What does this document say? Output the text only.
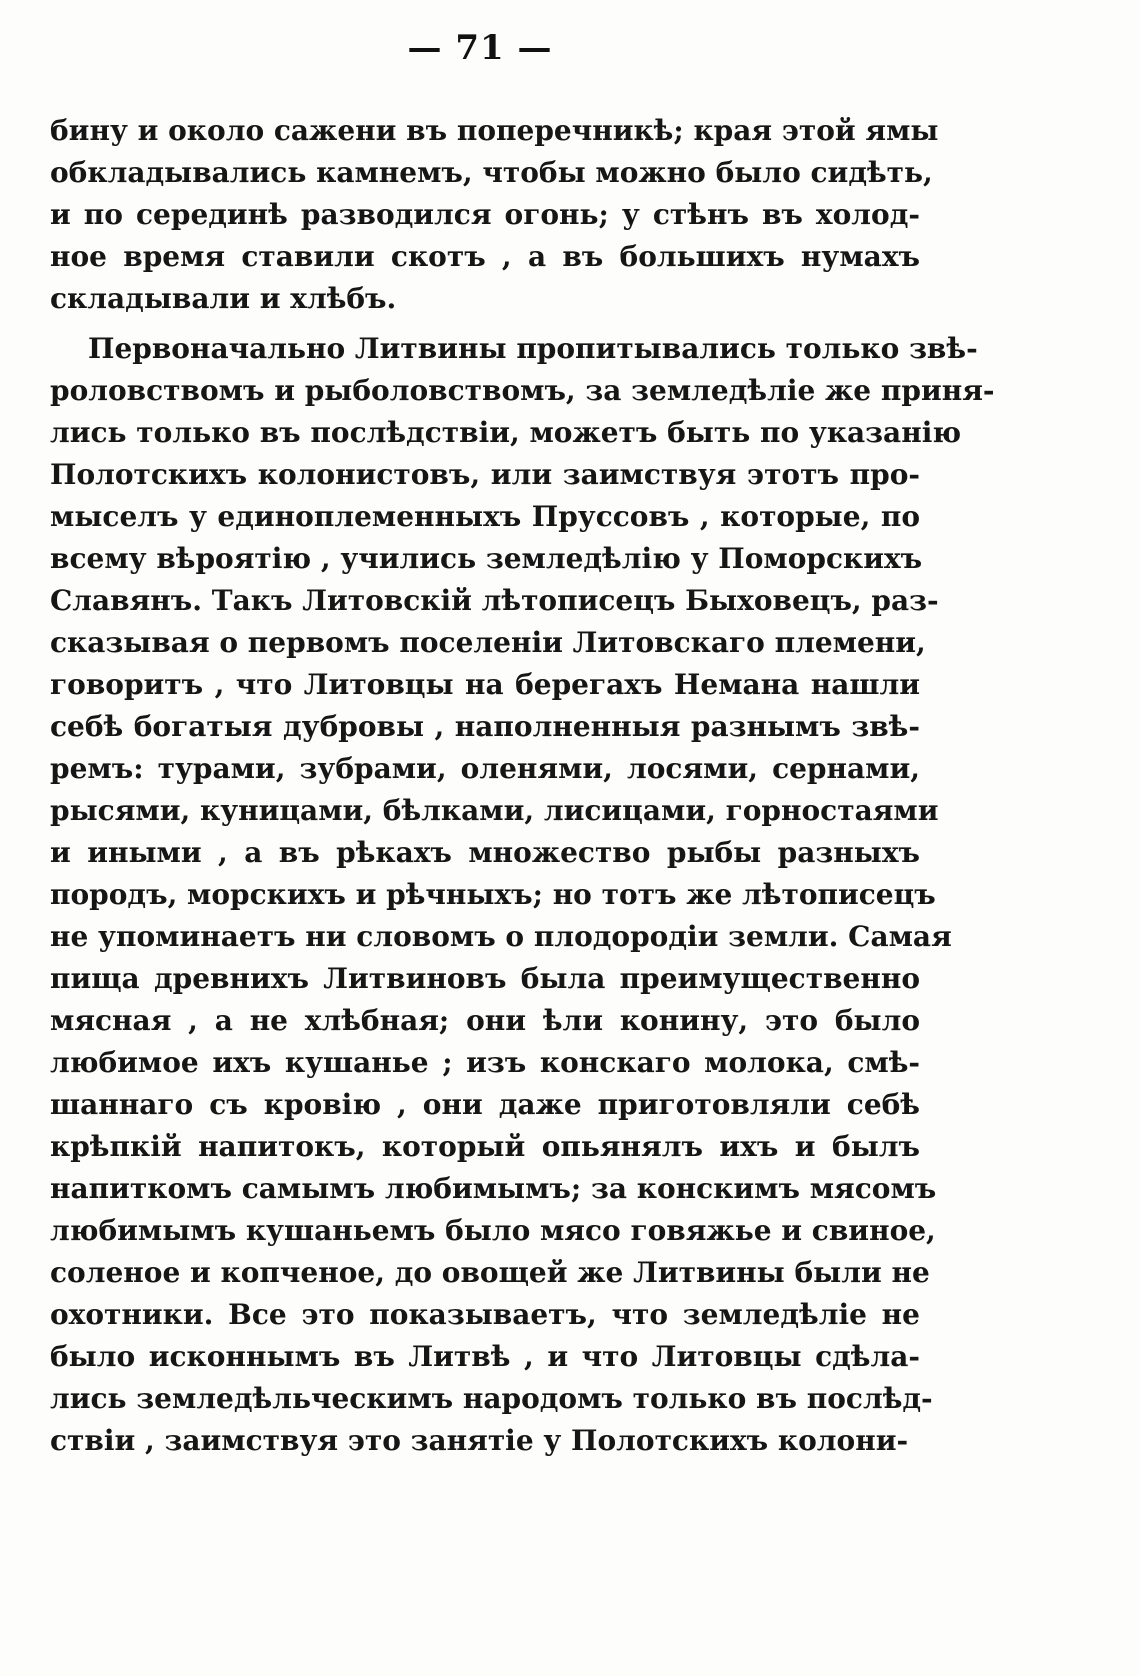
— 71 —
бину и около сажени въ поперечникѣ; края этой ямы
обкладывались камнемъ, чтобы можно было сидѣть,
и по серединѣ разводился огонь; у стѣнъ въ холод-
ное время ставили скотъ , а въ большихъ нумахъ
складывали и хлѣбъ.
Первоначально Литвины пропитывались только звѣ-
роловствомъ и рыболовствомъ, за земледѣлiе же приня-
лись только въ послѣдствiи, можетъ быть по указанiю
Полотскихъ колонистовъ, или заимствуя этотъ про-
мыселъ у единоплеменныхъ Пруссовъ , которые, по
всему вѣроятiю , учились земледѣлiю у Поморскихъ
Славянъ. Такъ Литовскiй лѣтописецъ Быховецъ, раз-
сказывая о первомъ поселенiи Литовскаго племени,
говоритъ , что Литовцы на берегахъ Немана нашли
себѣ богатыя дубровы , наполненныя разнымъ звѣ-
ремъ: турами, зубрами, оленями, лосями, сернами,
рысями, куницами, бѣлками, лисицами, горностаями
и иными , а въ рѣкахъ множество рыбы разныхъ
породъ, морскихъ и рѣчныхъ; но тотъ же лѣтописецъ
не упоминаетъ ни словомъ о плодородiи земли. Самая
пища древнихъ Литвиновъ была преимущественно
мясная , а не хлѣбная; они ѣли конину, это было
любимое ихъ кушанье ; изъ конскаго молока, смѣ-
шаннаго съ кровiю , они даже приготовляли себѣ
крѣпкiй напитокъ, который опьянялъ ихъ и былъ
напиткомъ самымъ любимымъ; за конскимъ мясомъ
любимымъ кушаньемъ было мясо говяжье и свиное,
соленое и копченое, до овощей же Литвины были не
охотники. Все это показываетъ, что земледѣлiе не
было исконнымъ въ Литвѣ , и что Литовцы сдѣла-
лись земледѣльческимъ народомъ только въ послѣд-
ствiи , заимствуя это занятiе у Полотскихъ колони-
